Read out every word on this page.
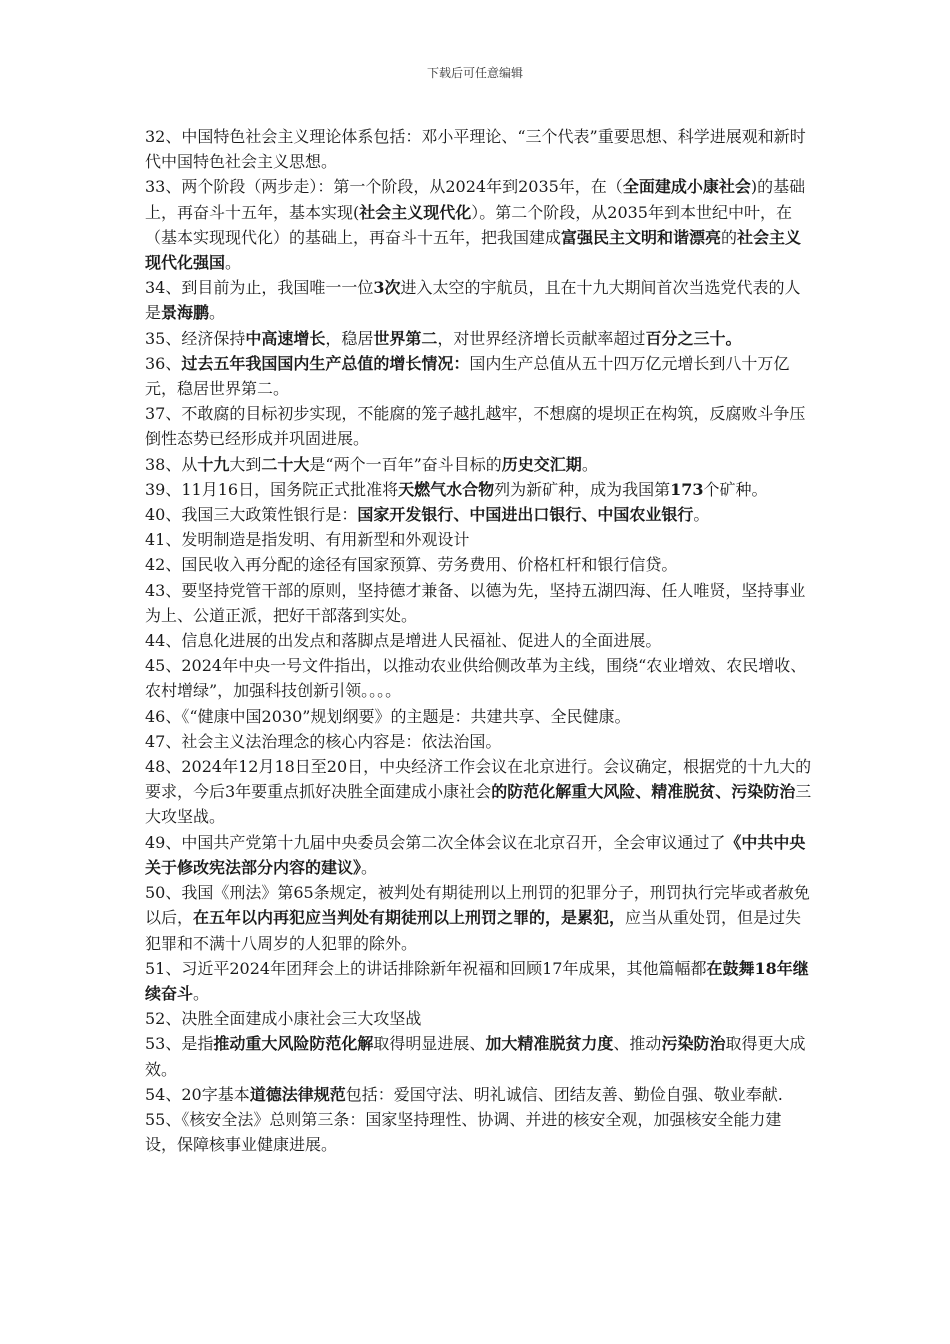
下载后可任意编辑

32、中国特色社会主义理论体系包括：邓小平理论、“三个代表”重要思想、科学进展观和新时代中国特色社会主义思想。

33、两个阶段（两步走）：第一个阶段，从2024年到2035年，在（全面建成小康社会)的基础上，再奋斗十五年，基本实现(社会主义现代化）。第二个阶段，从2035年到本世纪中叶，在（基本实现现代化）的基础上，再奋斗十五年，把我国建成富强民主文明和谐漂亮的社会主义现代化强国。

34、到目前为止，我国唯一一位3次进入太空的宇航员，且在十九大期间首次当选党代表的人是景海鹏。

35、经济保持中高速增长，稳居世界第二，对世界经济增长贡献率超过百分之三十。

36、过去五年我国国内生产总值的增长情况：国内生产总值从五十四万亿元增长到八十万亿元，稳居世界第二。

37、不敢腐的目标初步实现，不能腐的笼子越扎越牢，不想腐的堤坝正在构筑，反腐败斗争压倒性态势已经形成并巩固进展。

38、从十九大到二十大是“两个一百年”奋斗目标的历史交汇期。

39、11月16日，国务院正式批准将天燃气水合物列为新矿种，成为我国第173个矿种。

40、我国三大政策性银行是：国家开发银行、中国进出口银行、中国农业银行。

41、发明制造是指发明、有用新型和外观设计

42、国民收入再分配的途径有国家预算、劳务费用、价格杠杆和银行信贷。

43、要坚持党管干部的原则，坚持德才兼备、以德为先，坚持五湖四海、任人唯贤，坚持事业为上、公道正派，把好干部落到实处。

44、信息化进展的出发点和落脚点是增进人民福祉、促进人的全面进展。

45、2024年中央一号文件指出，以推动农业供给侧改革为主线，围绕“农业增效、农民增收、农村增绿”，加强科技创新引领。。。。

46、《“健康中国2030”规划纲要》的主题是：共建共享、全民健康。

47、社会主义法治理念的核心内容是：依法治国。

48、2024年12月18日至20日，中央经济工作会议在北京进行。会议确定，根据党的十九大的要求，今后3年要重点抓好决胜全面建成小康社会的防范化解重大风险、精准脱贫、污染防治三大攻坚战。

49、中国共产党第十九届中央委员会第二次全体会议在北京召开，全会审议通过了《中共中央关于修改宪法部分内容的建议》。

50、我国《刑法》第65条规定，被判处有期徒刑以上刑罚的犯罪分子，刑罚执行完毕或者赦免以后，在五年以内再犯应当判处有期徒刑以上刑罚之罪的，是累犯，应当从重处罚，但是过失犯罪和不满十八周岁的人犯罪的除外。

51、习近平2024年团拜会上的讲话排除新年祝福和回顾17年成果，其他篇幅都在鼓舞18年继续奋斗。

52、决胜全面建成小康社会三大攻坚战

53、是指推动重大风险防范化解取得明显进展、加大精准脱贫力度、推动污染防治取得更大成效。

54、20字基本道德法律规范包括：爱国守法、明礼诚信、团结友善、勤俭自强、敬业奉献.

55、《核安全法》总则第三条：国家坚持理性、协调、并进的核安全观，加强核安全能力建设，保障核事业健康进展。
